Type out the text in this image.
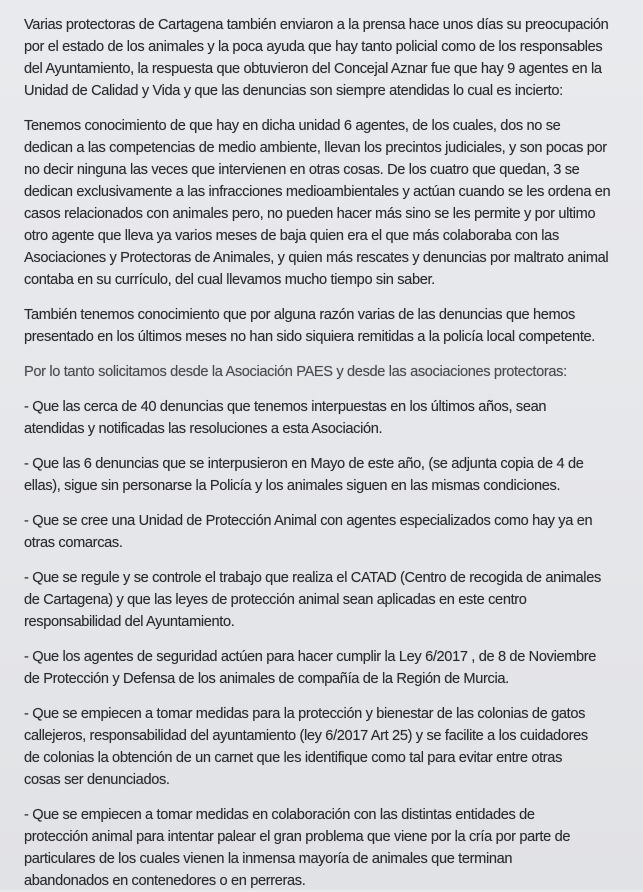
Varias protectoras de Cartagena también enviaron a la prensa hace unos días su preocupación
por el estado de los animales y la poca ayuda que hay tanto policial como de los responsables
del Ayuntamiento, la respuesta que obtuvieron del Concejal Aznar fue que hay 9 agentes en la
Unidad de Calidad y Vida y que las denuncias son siempre atendidas lo cual es incierto:
Tenemos conocimiento de que hay en dicha unidad 6 agentes, de los cuales, dos no se
dedican a las competencias de medio ambiente, llevan los precintos judiciales, y son pocas por
no decir ninguna las veces que intervienen en otras cosas. De los cuatro que quedan, 3 se
dedican exclusivamente a las infracciones medioambientales y actúan cuando se les ordena en
casos relacionados con animales pero, no pueden hacer más sino se les permite y por ultimo
otro agente que lleva ya varios meses de baja quien era el que más colaboraba con las
Asociaciones y Protectoras de Animales, y quien más rescates y denuncias por maltrato animal
contaba en su currículo, del cual llevamos mucho tiempo sin saber.
También tenemos conocimiento que por alguna razón varias de las denuncias que hemos
presentado en los últimos meses no han sido siquiera remitidas a la policía local competente.
Por lo tanto solicitamos desde la Asociación PAES y desde las asociaciones protectoras:
- Que las cerca de 40 denuncias que tenemos interpuestas en los últimos años, sean
atendidas y notificadas las resoluciones a esta Asociación.
- Que las 6 denuncias que se interpusieron en Mayo de este año, (se adjunta copia de 4 de
ellas), sigue sin personarse la Policía y los animales siguen en las mismas condiciones.
- Que se cree una Unidad de Protección Animal con agentes especializados como hay ya en
otras comarcas.
- Que se regule y se controle el trabajo que realiza el CATAD (Centro de recogida de animales
de Cartagena) y que las leyes de protección animal sean aplicadas en este centro
responsabilidad del Ayuntamiento.
- Que los agentes de seguridad actúen para hacer cumplir la Ley 6/2017 , de 8 de Noviembre
de Protección y Defensa de los animales de compañía de la Región de Murcia.
- Que se empiecen a tomar medidas para la protección y bienestar de las colonias de gatos
callejeros, responsabilidad del ayuntamiento (ley 6/2017 Art 25) y se facilite a los cuidadores
de colonias la obtención de un carnet que les identifique como tal para evitar entre otras
cosas ser denunciados.
- Que se empiecen a tomar medidas en colaboración con las distintas entidades de
protección animal para intentar palear el gran problema que viene por la cría por parte de
particulares de los cuales vienen la inmensa mayoría de animales que terminan
abandonados en contenedores o en perreras.
